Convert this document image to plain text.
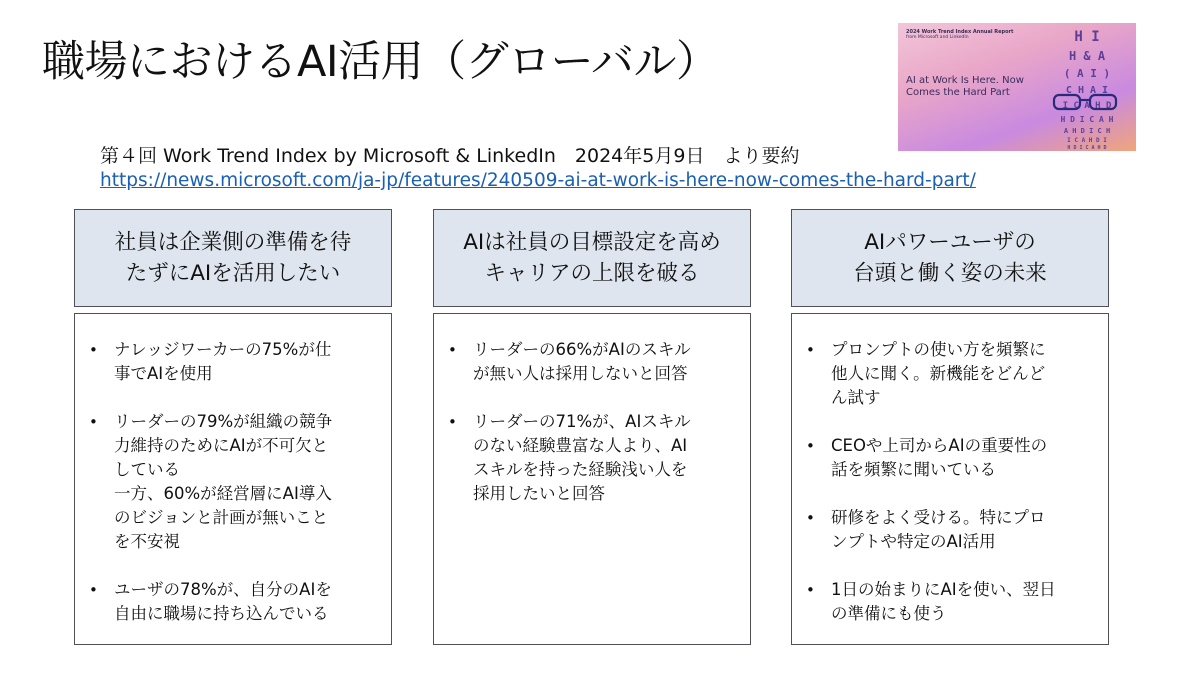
職場におけるAI活用（グローバル）
2024 Work Trend Index Annual Report
from Microsoft and LinkedIn
AI at Work Is Here. Now
Comes the Hard Part
H I
H & A
( A I )
C H A I
I C A H D
H D I C A H
A H D I C H
I C A H D I
H D I C A H D
第４回 Work Trend Index by Microsoft & LinkedIn　2024年5月9日　より要約
https://news.microsoft.com/ja-jp/features/240509-ai-at-work-is-here-now-comes-the-hard-part/
社員は企業側の準備を待
たずにAIを活用したい
• ナレッジワーカーの75%が仕
事でAIを使用
• リーダーの79%が組織の競争
力維持のためにAIが不可欠と
している
一方、60%が経営層にAI導入
のビジョンと計画が無いこと
を不安視
• ユーザの78%が、自分のAIを
自由に職場に持ち込んでいる
AIは社員の目標設定を高め
キャリアの上限を破る
• リーダーの66%がAIのスキル
が無い人は採用しないと回答
• リーダーの71%が、AIスキル
のない経験豊富な人より、AI
スキルを持った経験浅い人を
採用したいと回答
AIパワーユーザの
台頭と働く姿の未来
• プロンプトの使い方を頻繁に
他人に聞く。新機能をどんど
ん試す
• CEOや上司からAIの重要性の
話を頻繁に聞いている
• 研修をよく受ける。特にプロ
ンプトや特定のAI活用
• 1日の始まりにAIを使い、翌日
の準備にも使う
